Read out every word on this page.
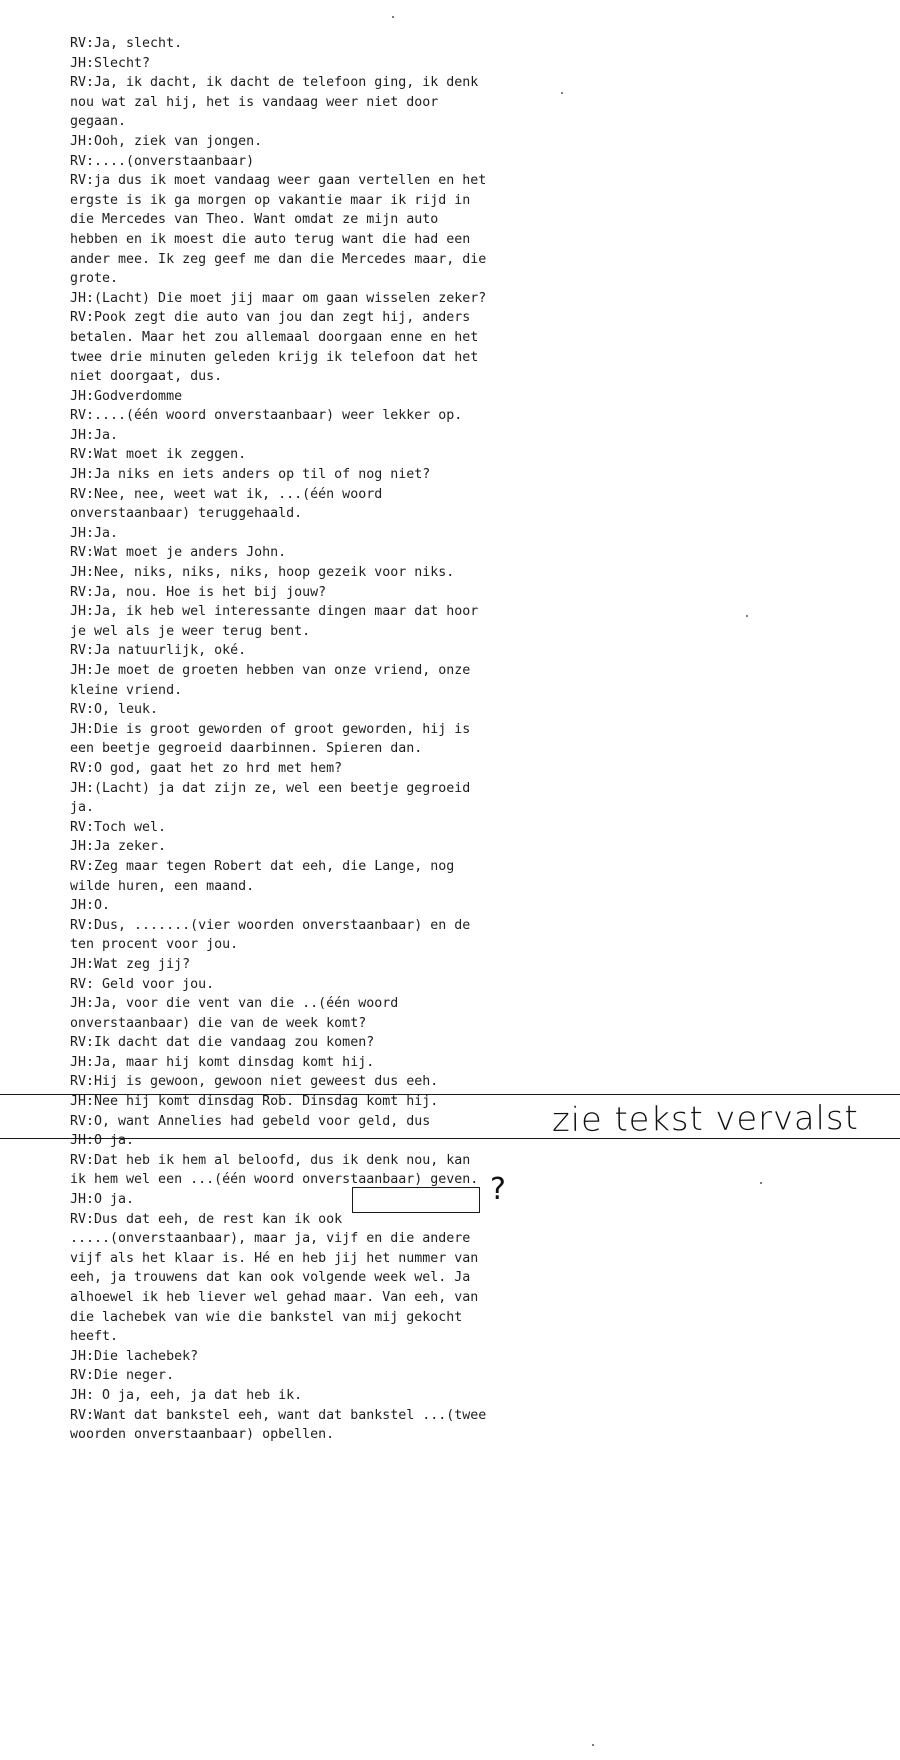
RV:Ja, slecht.
JH:Slecht?
RV:Ja, ik dacht, ik dacht de telefoon ging, ik denk
nou wat zal hij, het is vandaag weer niet door
gegaan.
JH:Ooh, ziek van jongen.
RV:....(onverstaanbaar)
RV:ja dus ik moet vandaag weer gaan vertellen en het
ergste is ik ga morgen op vakantie maar ik rijd in
die Mercedes van Theo. Want omdat ze mijn auto
hebben en ik moest die auto terug want die had een
ander mee. Ik zeg geef me dan die Mercedes maar, die
grote.
JH:(Lacht) Die moet jij maar om gaan wisselen zeker?
RV:Pook zegt die auto van jou dan zegt hij, anders
betalen. Maar het zou allemaal doorgaan enne en het
twee drie minuten geleden krijg ik telefoon dat het
niet doorgaat, dus.
JH:Godverdomme
RV:....(één woord onverstaanbaar) weer lekker op.
JH:Ja.
RV:Wat moet ik zeggen.
JH:Ja niks en iets anders op til of nog niet?
RV:Nee, nee, weet wat ik, ...(één woord
onverstaanbaar) teruggehaald.
JH:Ja.
RV:Wat moet je anders John.
JH:Nee, niks, niks, niks, hoop gezeik voor niks.
RV:Ja, nou. Hoe is het bij jouw?
JH:Ja, ik heb wel interessante dingen maar dat hoor
je wel als je weer terug bent.
RV:Ja natuurlijk, oké.
JH:Je moet de groeten hebben van onze vriend, onze
kleine vriend.
RV:O, leuk.
JH:Die is groot geworden of groot geworden, hij is
een beetje gegroeid daarbinnen. Spieren dan.
RV:O god, gaat het zo hrd met hem?
JH:(Lacht) ja dat zijn ze, wel een beetje gegroeid
ja.
RV:Toch wel.
JH:Ja zeker.
RV:Zeg maar tegen Robert dat eeh, die Lange, nog
wilde huren, een maand.
JH:O.
RV:Dus, .......(vier woorden onverstaanbaar) en de
ten procent voor jou.
JH:Wat zeg jij?
RV: Geld voor jou.
JH:Ja, voor die vent van die ..(één woord
onverstaanbaar) die van de week komt?
RV:Ik dacht dat die vandaag zou komen?
JH:Ja, maar hij komt dinsdag komt hij.
RV:Hij is gewoon, gewoon niet geweest dus eeh.
JH:Nee hij komt dinsdag Rob. Dinsdag komt hij.
RV:O, want Annelies had gebeld voor geld, dus
JH:O ja.
RV:Dat heb ik hem al beloofd, dus ik denk nou, kan
ik hem wel een ...(één woord onverstaanbaar) geven.
JH:O ja.
RV:Dus dat eeh, de rest kan ik ook
.....(onverstaanbaar), maar ja, vijf en die andere
vijf als het klaar is. Hé en heb jij het nummer van
eeh, ja trouwens dat kan ook volgende week wel. Ja
alhoewel ik heb liever wel gehad maar. Van eeh, van
die lachebek van wie die bankstel van mij gekocht
heeft.
JH:Die lachebek?
RV:Die neger.
JH: O ja, eeh, ja dat heb ik.
RV:Want dat bankstel eeh, want dat bankstel ...(twee
woorden onverstaanbaar) opbellen.
zie tekst vervalst
?
